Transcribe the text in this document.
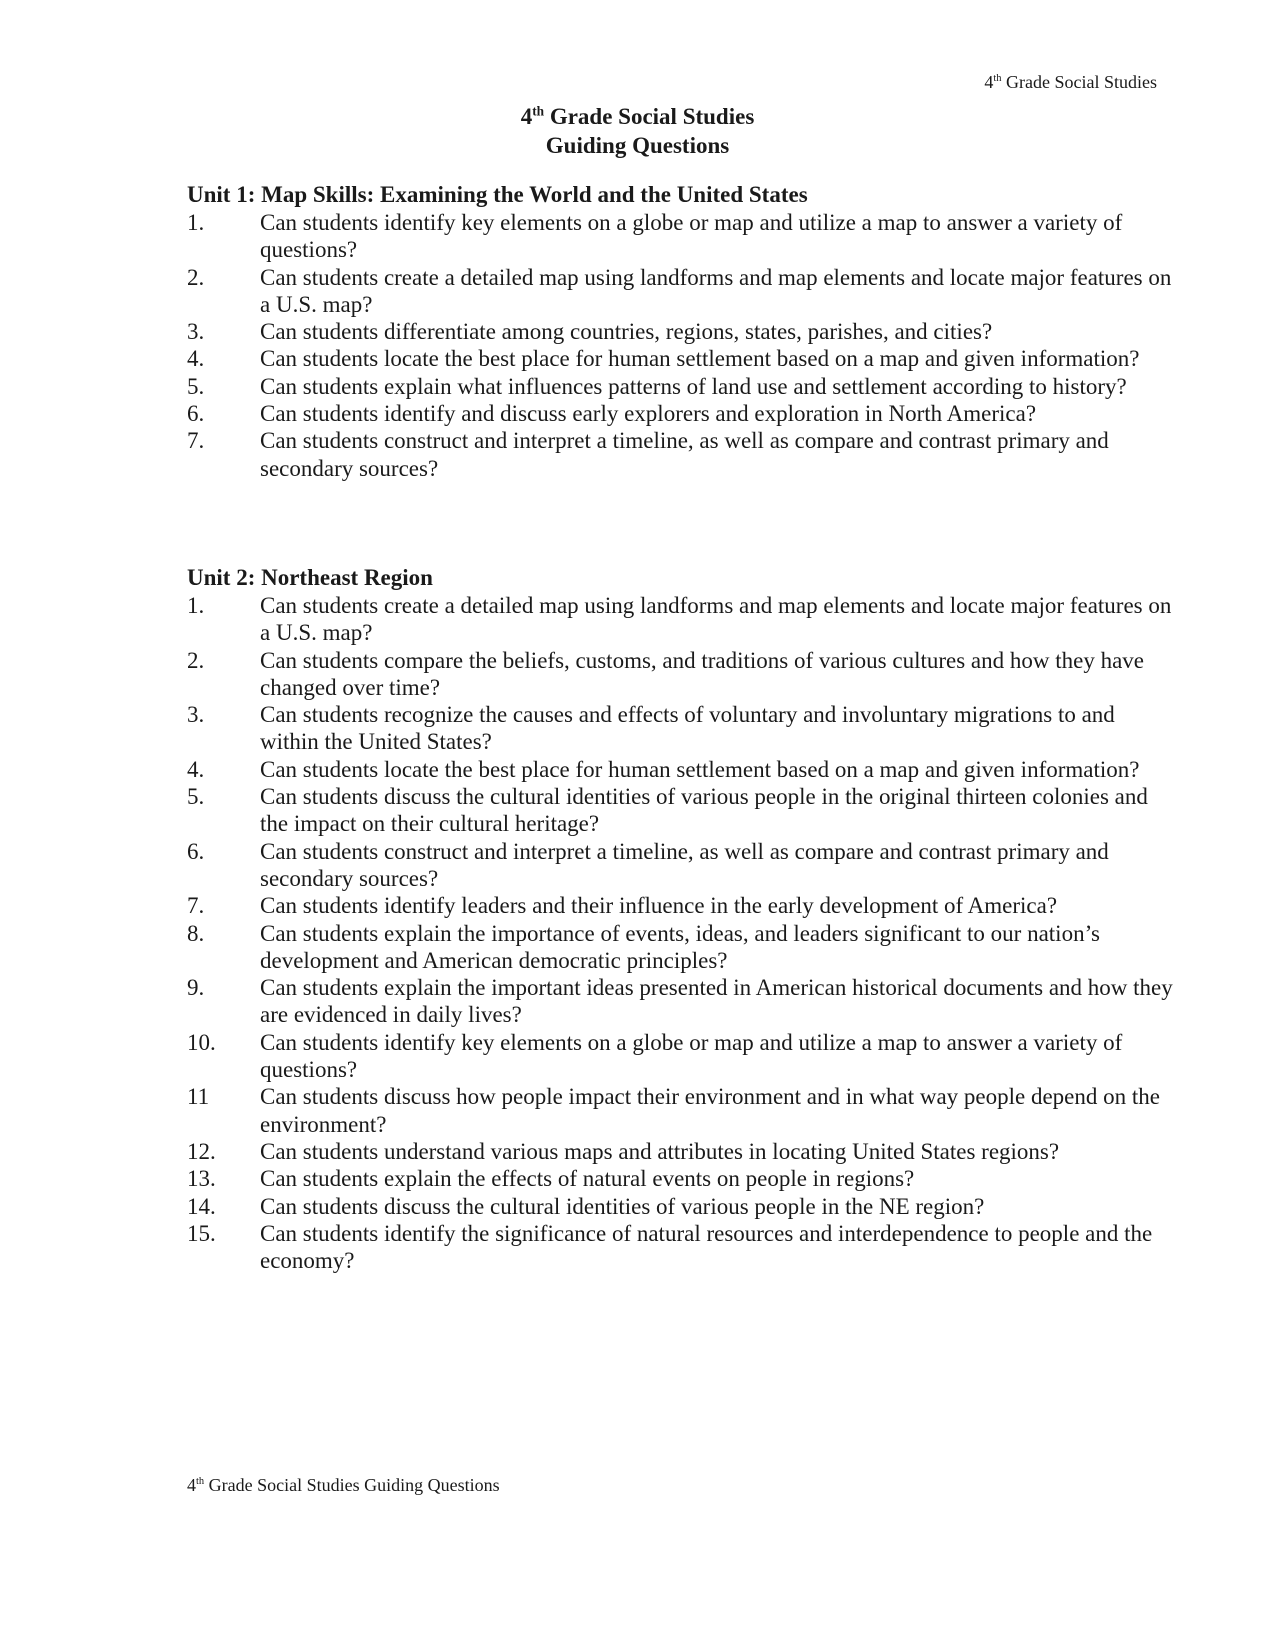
4th Grade Social Studies
4th Grade Social Studies
Guiding Questions
Unit 1: Map Skills: Examining the World and the United States
1. Can students identify key elements on a globe or map and utilize a map to answer a variety of questions?
2. Can students create a detailed map using landforms and map elements and locate major features on a U.S. map?
3. Can students differentiate among countries, regions, states, parishes, and cities?
4. Can students locate the best place for human settlement based on a map and given information?
5. Can students explain what influences patterns of land use and settlement according to history?
6. Can students identify and discuss early explorers and exploration in North America?
7. Can students construct and interpret a timeline, as well as compare and contrast primary and secondary sources?
Unit 2: Northeast Region
1. Can students create a detailed map using landforms and map elements and locate major features on a U.S. map?
2. Can students compare the beliefs, customs, and traditions of various cultures and how they have changed over time?
3. Can students recognize the causes and effects of voluntary and involuntary migrations to and within the United States?
4. Can students locate the best place for human settlement based on a map and given information?
5. Can students discuss the cultural identities of various people in the original thirteen colonies and the impact on their cultural heritage?
6. Can students construct and interpret a timeline, as well as compare and contrast primary and secondary sources?
7. Can students identify leaders and their influence in the early development of America?
8. Can students explain the importance of events, ideas, and leaders significant to our nation’s development and American democratic principles?
9. Can students explain the important ideas presented in American historical documents and how they are evidenced in daily lives?
10. Can students identify key elements on a globe or map and utilize a map to answer a variety of questions?
11 Can students discuss how people impact their environment and in what way people depend on the environment?
12. Can students understand various maps and attributes in locating United States regions?
13. Can students explain the effects of natural events on people in regions?
14. Can students discuss the cultural identities of various people in the NE region?
15. Can students identify the significance of natural resources and interdependence to people and the economy?
4th Grade Social Studies Guiding Questions
